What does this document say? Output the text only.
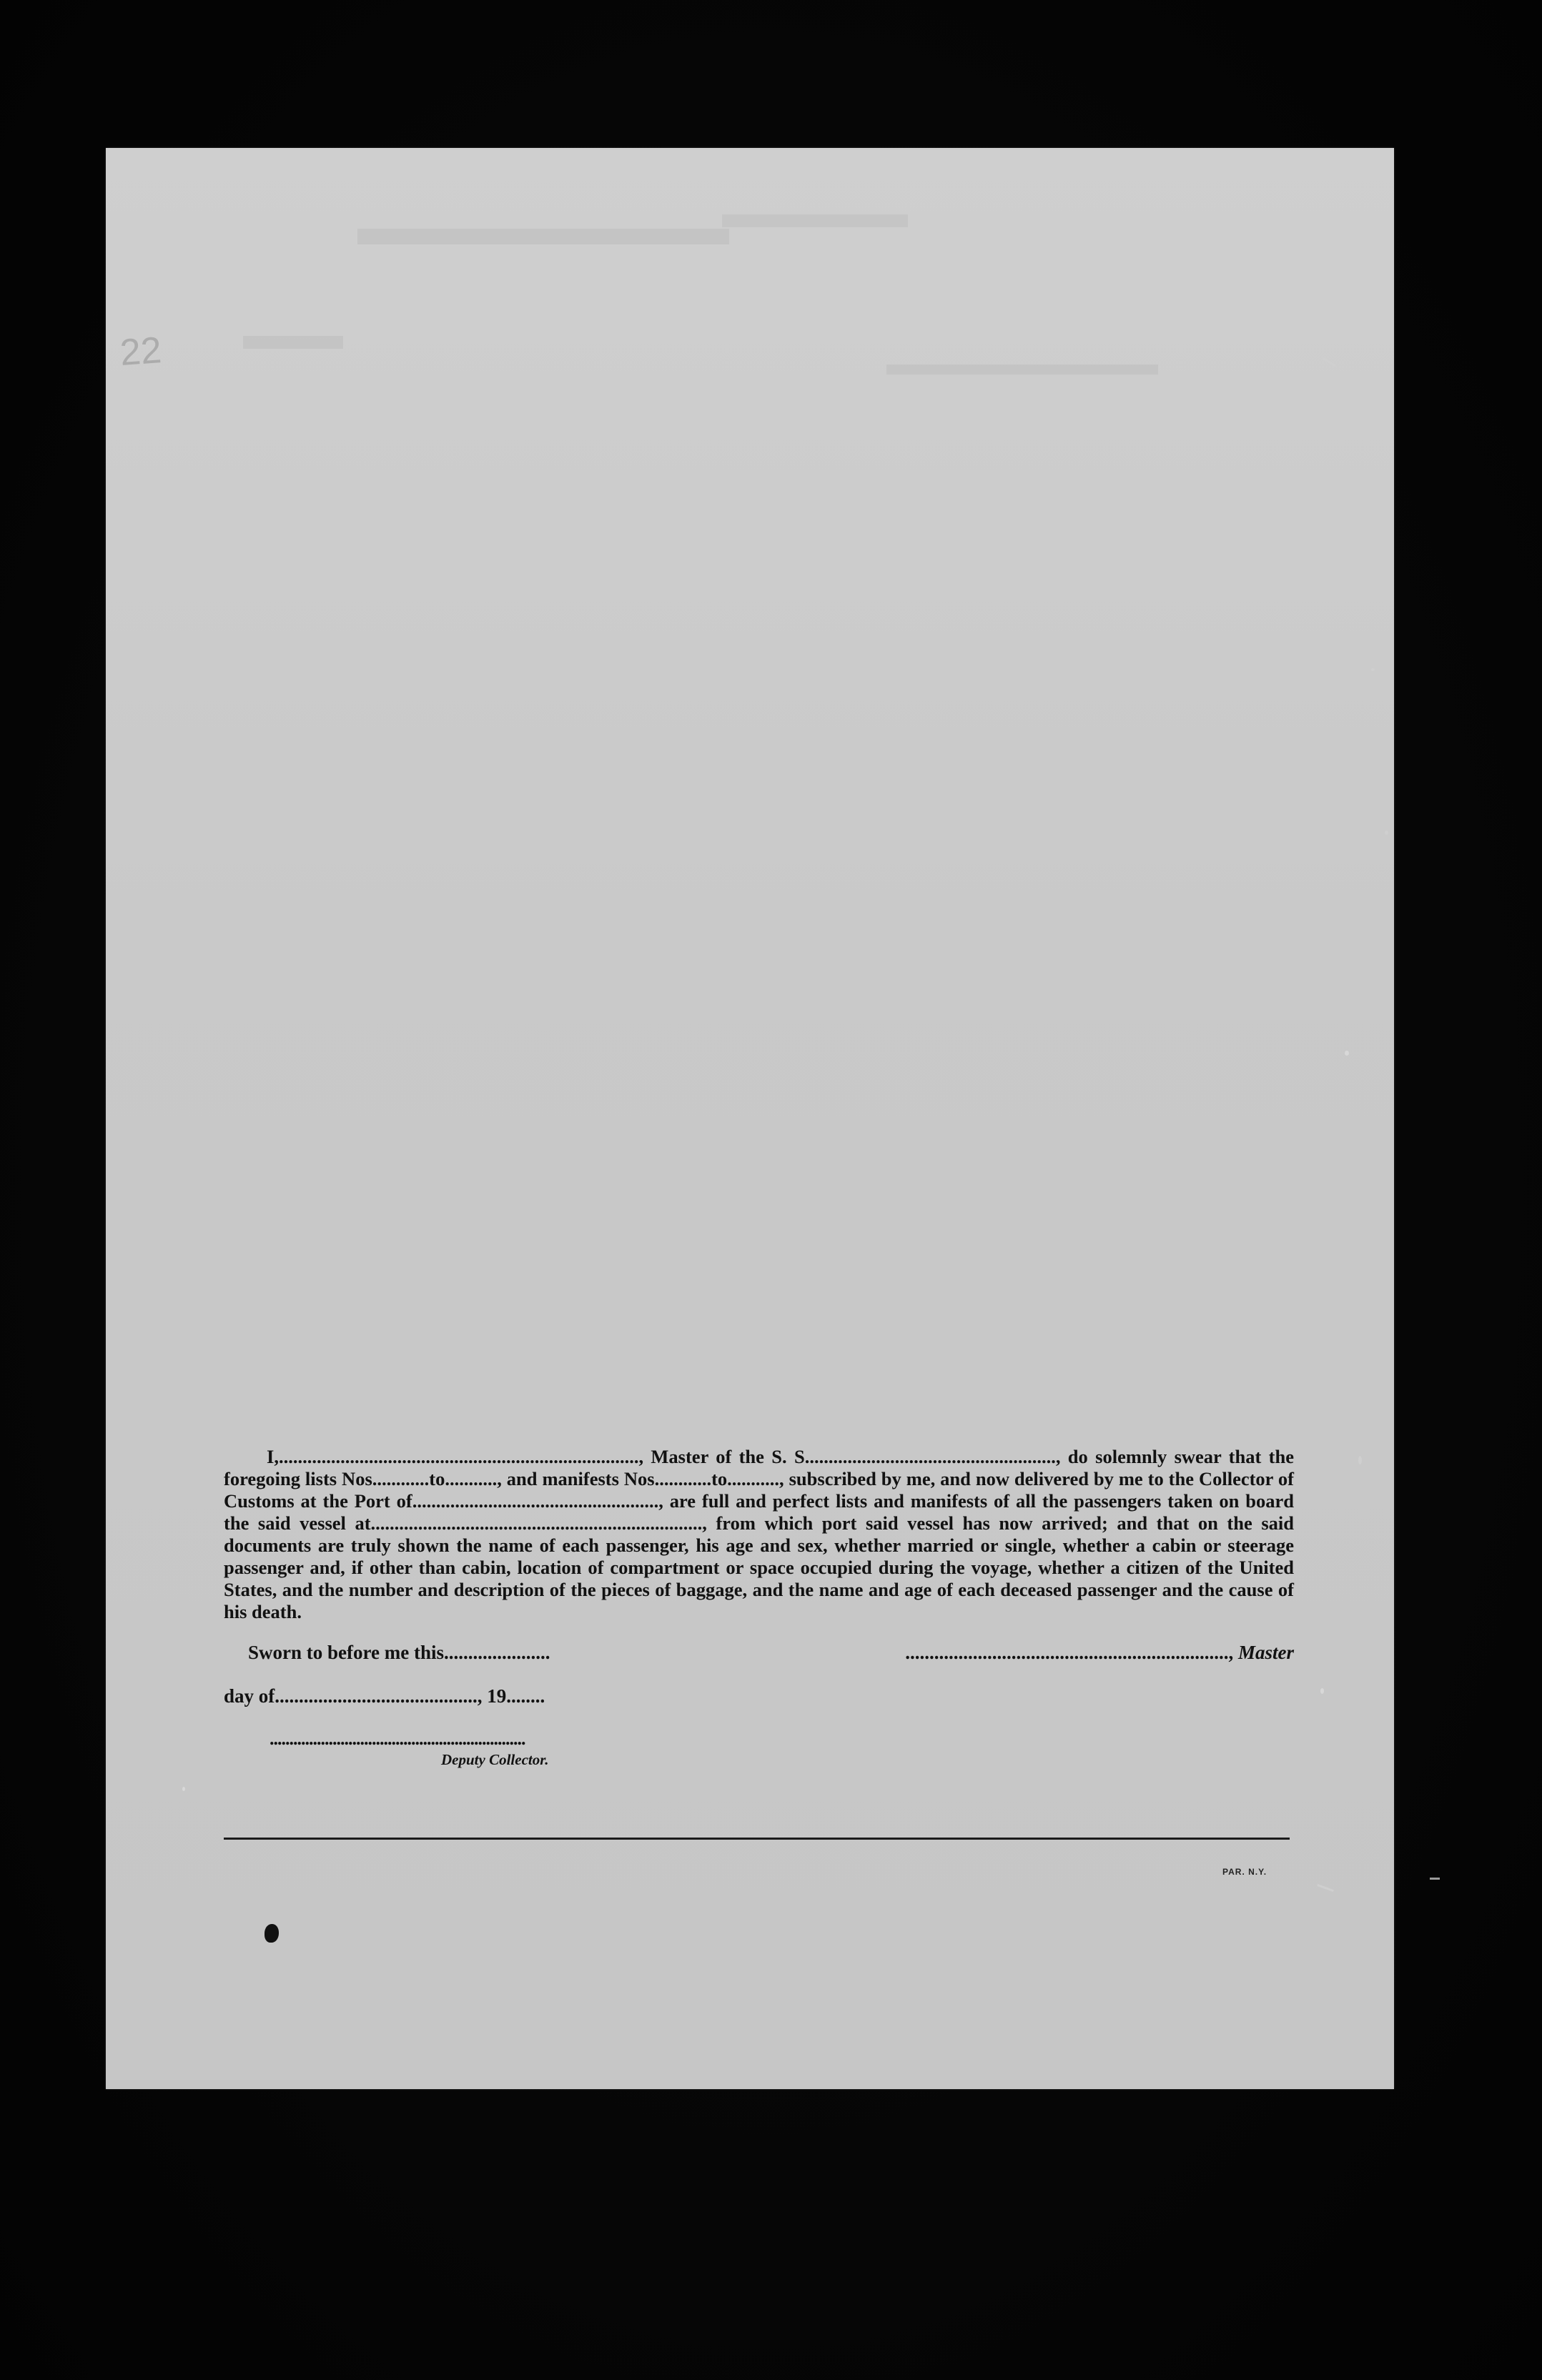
22

I,............................................................................, Master of the S. S....................................................., do solemnly swear that the foregoing lists Nos............to..........., and manifests Nos............to..........., subscribed by me, and now delivered by me to the Collector of Customs at the Port of...................................................., are full and perfect lists and manifests of all the passengers taken on board the said vessel at......................................................................, from which port said vessel has now arrived; and that on the said documents are truly shown the name of each passenger, his age and sex, whether married or single, whether a cabin or steerage passenger and, if other than cabin, location of compartment or space occupied during the voyage, whether a citizen of the United States, and the number and description of the pieces of baggage, and the name and age of each deceased passenger and the cause of his death.

Sworn to before me this......................	..................................................................., Master
day of.........................................., 19........
.................................................................
Deputy Collector.
PAR. N.Y.
